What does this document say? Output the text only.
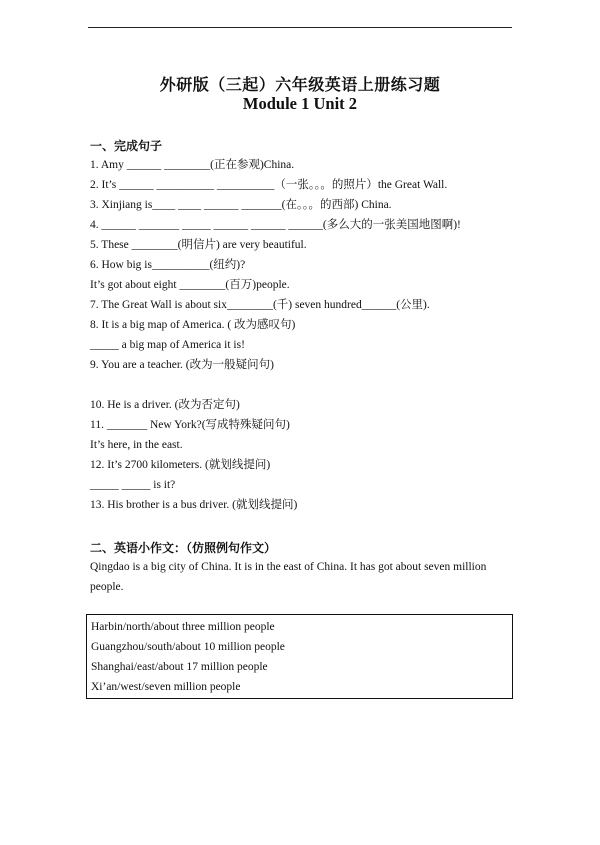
外研版（三起）六年级英语上册练习题
Module 1 Unit 2
一、完成句子
1. Amy ______ ________(正在参观)China.
2. It’s ______ __________ __________（一张。。。的照片）the Great Wall.
3. Xinjiang is____ ____ ______ _______(在。。。的西部) China.
4. ______ _______ _____ ______ ______ ______(多么大的一张美国地图啊)!
5. These ________(明信片) are very beautiful.
6. How big is__________(纽约)?
It’s got about eight ________(百万)people.
7. The Great Wall is about six________(千) seven hundred______(公里).
8. It is a big map of America. ( 改为感叹句)
_____ a big map of America it is!
9. You are a teacher. (改为一般疑问句)
10. He is a driver. (改为否定句)
11. _______ New York?(写成特殊疑问句)
It’s here, in the east.
12. It’s 2700 kilometers. (就划线提问)
_____ _____ is it?
13. His brother is a bus driver. (就划线提问)
二、英语小作文：（仿照例句作文）
Qingdao is a big city of China. It is in the east of China. It has got about seven million people.
Harbin/north/about three million people
Guangzhou/south/about 10 million people
Shanghai/east/about 17 million people
Xi’an/west/seven million people
